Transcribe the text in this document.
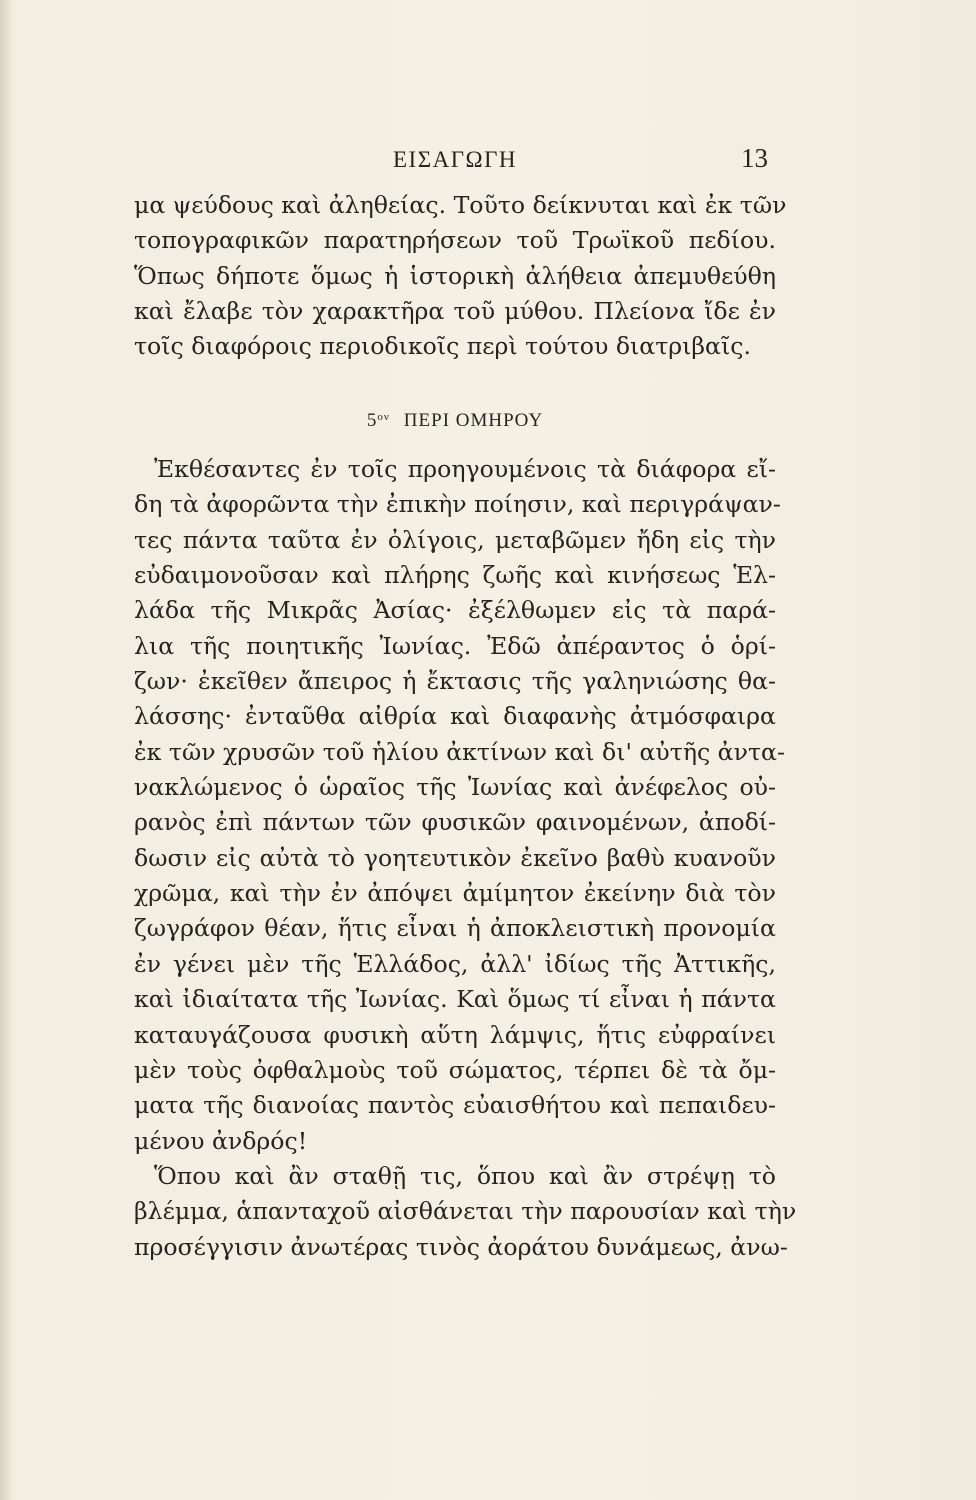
ΕΙΣΑΓΩΓΗ	13
μα ψεύδους καὶ ἀληθείας. Τοῦτο δείκνυται καὶ ἐκ τῶν
τοπογραφικῶν παρατηρήσεων τοῦ Τρωϊκοῦ πεδίου.
Ὅπως δήποτε ὅμως ἡ ἱστορικὴ ἀλήθεια ἀπεμυθεύθη
καὶ ἔλαβε τὸν χαρακτῆρα τοῦ μύθου. Πλείονα ἴδε ἐν
τοῖς διαφόροις περιοδικοῖς περὶ τούτου διατριβαῖς.
$5^{o\nu}$ ΠΕΡΙ ΟΜΗΡΟΥ
Ἐκθέσαντες ἐν τοῖς προηγουμένοις τὰ διάφορα εἴ-
δη τὰ ἀφορῶντα τὴν ἐπικὴν ποίησιν, καὶ περιγράψαν-
τες πάντα ταῦτα ἐν ὀλίγοις, μεταβῶμεν ἤδη εἰς τὴν
εὐδαιμονοῦσαν καὶ πλήρης ζωῆς καὶ κινήσεως Ἑλ-
λάδα τῆς Μικρᾶς Ἀσίας· ἐξέλθωμεν εἰς τὰ παρά-
λια τῆς ποιητικῆς Ἰωνίας. Ἐδῶ ἀπέραντος ὁ ὁρί-
ζων· ἐκεῖθεν ἄπειρος ἡ ἔκτασις τῆς γαληνιώσης θα-
λάσσης· ἐνταῦθα αἰθρία καὶ διαφανὴς ἀτμόσφαιρα
ἐκ τῶν χρυσῶν τοῦ ἡλίου ἀκτίνων καὶ δι' αὐτῆς ἀντα-
νακλώμενος ὁ ὡραῖος τῆς Ἰωνίας καὶ ἀνέφελος οὐ-
ρανὸς ἐπὶ πάντων τῶν φυσικῶν φαινομένων, ἀποδί-
δωσιν εἰς αὐτὰ τὸ γοητευτικὸν ἐκεῖνο βαθὺ κυανοῦν
χρῶμα, καὶ τὴν ἐν ἀπόψει ἀμίμητον ἐκείνην διὰ τὸν
ζωγράφον θέαν, ἥτις εἶναι ἡ ἀποκλειστικὴ προνομία
ἐν γένει μὲν τῆς Ἑλλάδος, ἀλλ' ἰδίως τῆς Ἀττικῆς,
καὶ ἰδιαίτατα τῆς Ἰωνίας. Καὶ ὅμως τί εἶναι ἡ πάντα
καταυγάζουσα φυσικὴ αὕτη λάμψις, ἥτις εὐφραίνει
μὲν τοὺς ὀφθαλμοὺς τοῦ σώματος, τέρπει δὲ τὰ ὄμ-
ματα τῆς διανοίας παντὸς εὐαισθήτου καὶ πεπαιδευ-
μένου ἀνδρός!
Ὅπου καὶ ἂν σταθῇ τις, ὅπου καὶ ἂν στρέψῃ τὸ
βλέμμα, ἁπανταχοῦ αἰσθάνεται τὴν παρουσίαν καὶ τὴν
προσέγγισιν ἀνωτέρας τινὸς ἀοράτου δυνάμεως, ἀνω-
